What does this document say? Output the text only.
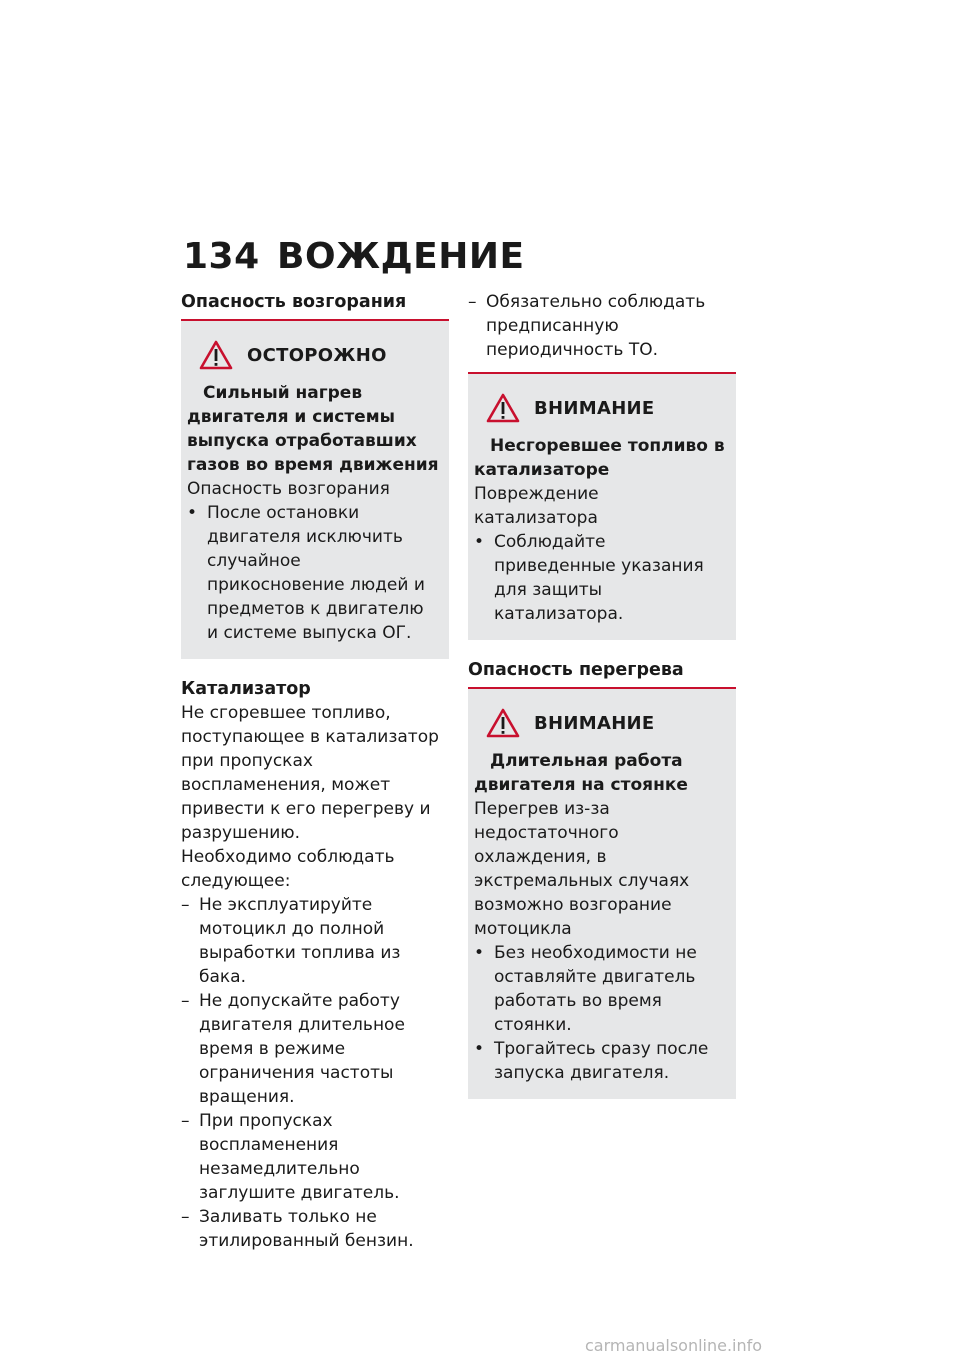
134 ВОЖДЕНИЕ
Опасность возгорания
ОСТОРОЖНО
Сильный нагрев двигателя и системы выпуска отработавших газов во время движения
Опасность возгорания
• После остановки двигателя исключить случайное прикосновение людей и предметов к двигателю и системе выпуска ОГ.
Катализатор
Не сгоревшее топливо, поступающее в катализатор при пропусках воспламенения, может привести к его перегреву и разрушению.
Необходимо соблюдать следующее:
– Не эксплуатируйте мотоцикл до полной выработки топлива из бака.
– Не допускайте работу двигателя длительное время в режиме ограничения частоты вращения.
– При пропусках воспламенения незамедлительно заглушите двигатель.
– Заливать только не этилированный бензин.
– Обязательно соблюдать предписанную периодичность ТО.
ВНИМАНИЕ
Несгоревшее топливо в катализаторе
Повреждение катализатора
• Соблюдайте приведенные указания для защиты катализатора.
Опасность перегрева
ВНИМАНИЕ
Длительная работа двигателя на стоянке
Перегрев из-за недостаточного охлаждения, в экстремальных случаях возможно возгорание мотоцикла
• Без необходимости не оставляйте двигатель работать во время стоянки.
• Трогайтесь сразу после запуска двигателя.
carmanualsonline.info
